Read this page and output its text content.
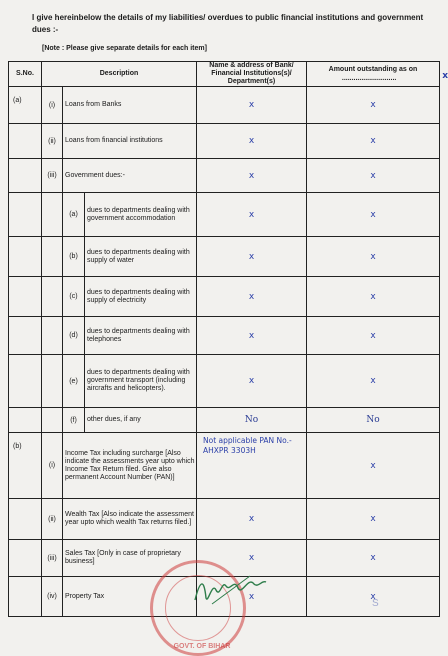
I give hereinbelow the details of my liabilities/ overdues to public financial institutions and government dues :-
[Note : Please give separate details for each item]
S.No.	Description			Name & address of Bank/ Financial Institutions(s)/ Department(s)	Amount outstanding as on ............................ x
(a)	(i)	Loans from Banks		x	x
	(ii)	Loans from financial institutions		x	x
	(iii)	Government dues:-		x	x
		(a)	dues to departments dealing with government accommodation	x	x
		(b)	dues to departments dealing with supply of water	x	x
		(c)	dues to departments dealing with supply of electricity	x	x
		(d)	dues to departments dealing with telephones	x	x
		(e)	dues to departments dealing with government transport (including aircrafts and helicopters).	x	x
		(f)	other dues, if any	No	No
(b)	(i)	Income Tax including surcharge [Also indicate the assessments year upto which Income Tax Return filed. Give also permanent Account Number (PAN)]		Not applicable PAN No.- AHXPR 3303H	x
	(ii)	Wealth Tax [Also indicate the assessment year upto which wealth Tax returns filed.]		x	x
	(iii)	Sales Tax [Only in case of proprietary business]		x	x
	(iv)	Property Tax		x	x
GOVT. OF BIHAR
S
